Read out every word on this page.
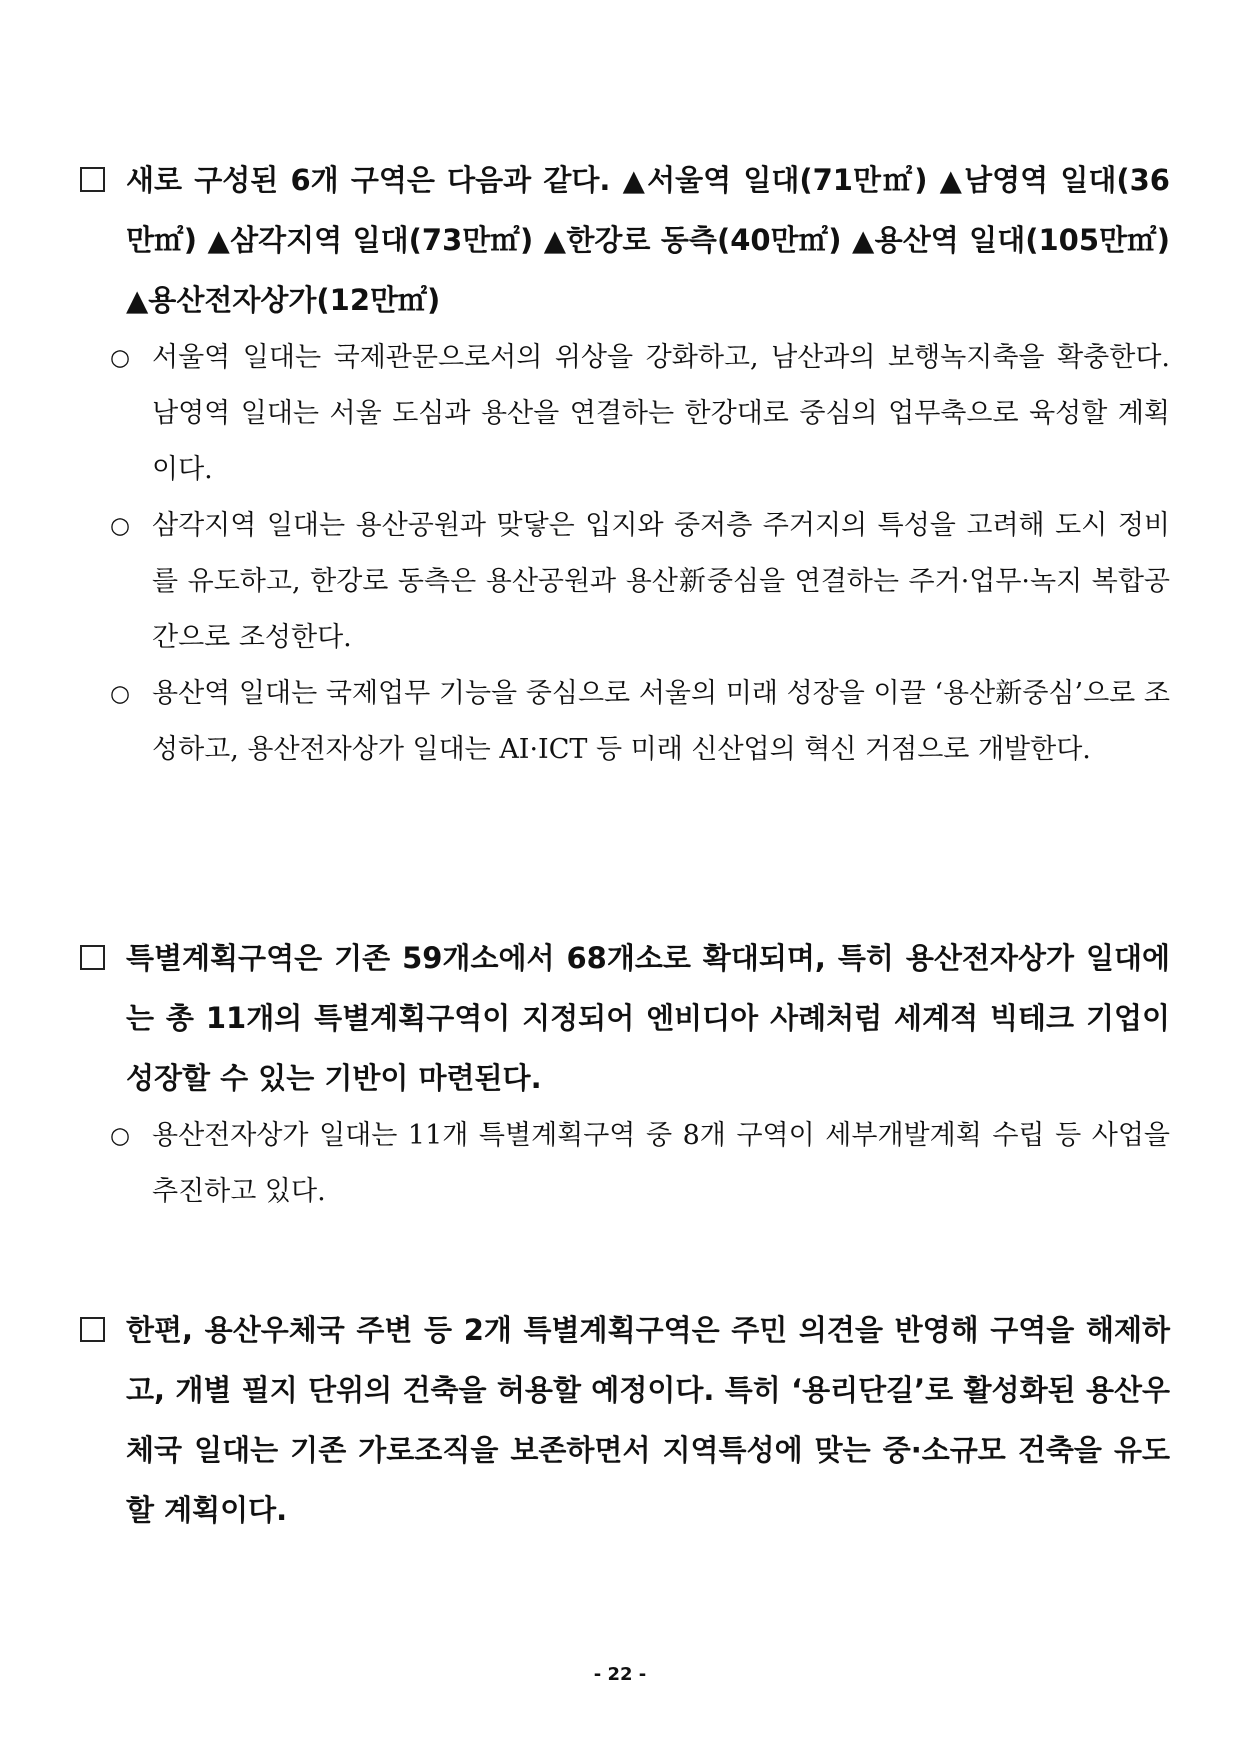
새로 구성된 6개 구역은 다음과 같다. ▲서울역 일대(71만㎡) ▲남영역 일대(36만㎡) ▲삼각지역 일대(73만㎡) ▲한강로 동측(40만㎡) ▲용산역 일대(105만㎡) ▲용산전자상가(12만㎡)
○ 서울역 일대는 국제관문으로서의 위상을 강화하고, 남산과의 보행녹지축을 확충한다. 남영역 일대는 서울 도심과 용산을 연결하는 한강대로 중심의 업무축으로 육성할 계획이다.
○ 삼각지역 일대는 용산공원과 맞닿은 입지와 중저층 주거지의 특성을 고려해 도시 정비를 유도하고, 한강로 동측은 용산공원과 용산新중심을 연결하는 주거·업무·녹지 복합공간으로 조성한다.
○ 용산역 일대는 국제업무 기능을 중심으로 서울의 미래 성장을 이끌 ‘용산新중심’으로 조성하고, 용산전자상가 일대는 AI·ICT 등 미래 신산업의 혁신 거점으로 개발한다.
특별계획구역은 기존 59개소에서 68개소로 확대되며, 특히 용산전자상가 일대에는 총 11개의 특별계획구역이 지정되어 엔비디아 사례처럼 세계적 빅테크 기업이 성장할 수 있는 기반이 마련된다.
○ 용산전자상가 일대는 11개 특별계획구역 중 8개 구역이 세부개발계획 수립 등 사업을 추진하고 있다.
한편, 용산우체국 주변 등 2개 특별계획구역은 주민 의견을 반영해 구역을 해제하고, 개별 필지 단위의 건축을 허용할 예정이다. 특히 ‘용리단길’로 활성화된 용산우체국 일대는 기존 가로조직을 보존하면서 지역특성에 맞는 중·소규모 건축을 유도할 계획이다.
- 22 -
